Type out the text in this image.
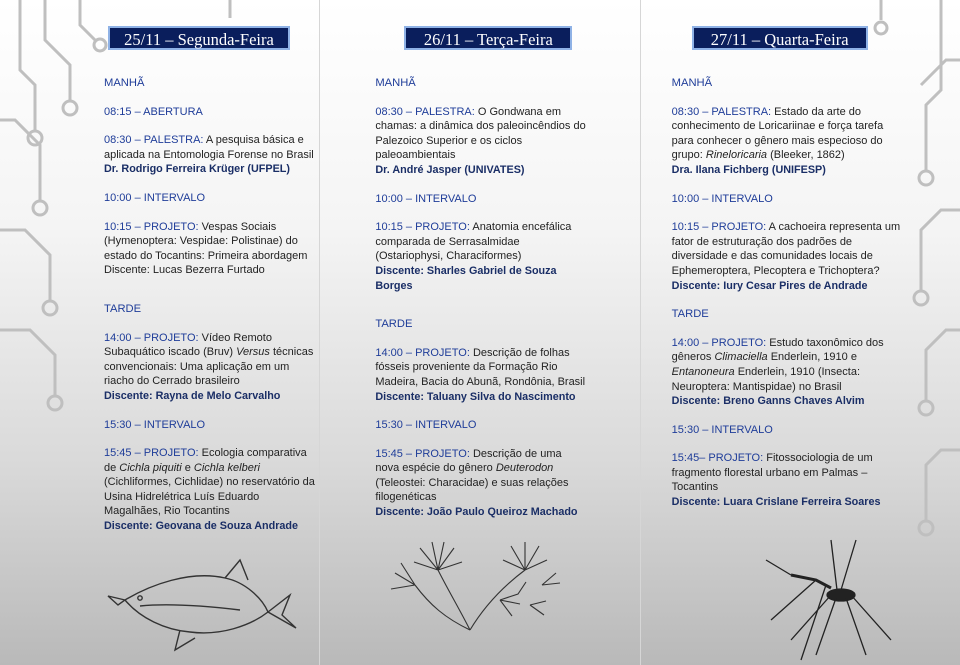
25/11 – Segunda-Feira
MANHÃ
08:15 – ABERTURA
08:30 – PALESTRA: A pesquisa básica e aplicada na Entomologia Forense no Brasil
Dr. Rodrigo Ferreira Krüger (UFPEL)
10:00 – INTERVALO
10:15 – PROJETO: Vespas Sociais (Hymenoptera: Vespidae: Polistinae) do estado do Tocantins: Primeira abordagem
Discente: Lucas Bezerra Furtado
TARDE
14:00 – PROJETO: Vídeo Remoto Subaquático iscado (Bruv) Versus técnicas convencionais: Uma aplicação em um riacho do Cerrado brasileiro
Discente: Rayna de Melo Carvalho
15:30 – INTERVALO
15:45 – PROJETO: Ecologia comparativa de Cichla piquiti e Cichla kelberi (Cichliformes, Cichlidae) no reservatório da Usina Hidrelétrica Luís Eduardo Magalhães, Rio Tocantins
Discente: Geovana de Souza Andrade
26/11 – Terça-Feira
MANHÃ
08:30 – PALESTRA: O Gondwana em chamas: a dinâmica dos paleoincêndios do Palezoico Superior e os ciclos paleoambientais
Dr. André Jasper (UNIVATES)
10:00 – INTERVALO
10:15 – PROJETO: Anatomia encefálica comparada de Serrasalmidae (Ostariophysi, Characiformes)
Discente: Sharles Gabriel de Souza Borges
TARDE
14:00 – PROJETO: Descrição de folhas fósseis proveniente da Formação Rio Madeira, Bacia do Abunã, Rondônia, Brasil
Discente: Taluany Silva do Nascimento
15:30 – INTERVALO
15:45 – PROJETO: Descrição de uma nova espécie do gênero Deuterodon (Teleostei: Characidae) e suas relações filogenéticas
Discente: João Paulo Queiroz Machado
27/11 – Quarta-Feira
MANHÃ
08:30 – PALESTRA: Estado da arte do conhecimento de Loricariinae e força tarefa para conhecer o gênero mais especioso do grupo: Rineloricaria (Bleeker, 1862)
Dra. Ilana Fichberg (UNIFESP)
10:00 – INTERVALO
10:15 – PROJETO: A cachoeira representa um fator de estruturação dos padrões de diversidade e das comunidades locais de Ephemeroptera, Plecoptera e Trichoptera?
Discente: Iury Cesar Pires de Andrade
TARDE
14:00 – PROJETO: Estudo taxonômico dos gêneros Climaciella Enderlein, 1910 e Entanoneura Enderlein, 1910 (Insecta: Neuroptera: Mantispidae) no Brasil
Discente: Breno Ganns Chaves Alvim
15:30 – INTERVALO
15:45– PROJETO: Fitossociologia de um fragmento florestal urbano em Palmas – Tocantins
Discente: Luara Crislane Ferreira Soares
